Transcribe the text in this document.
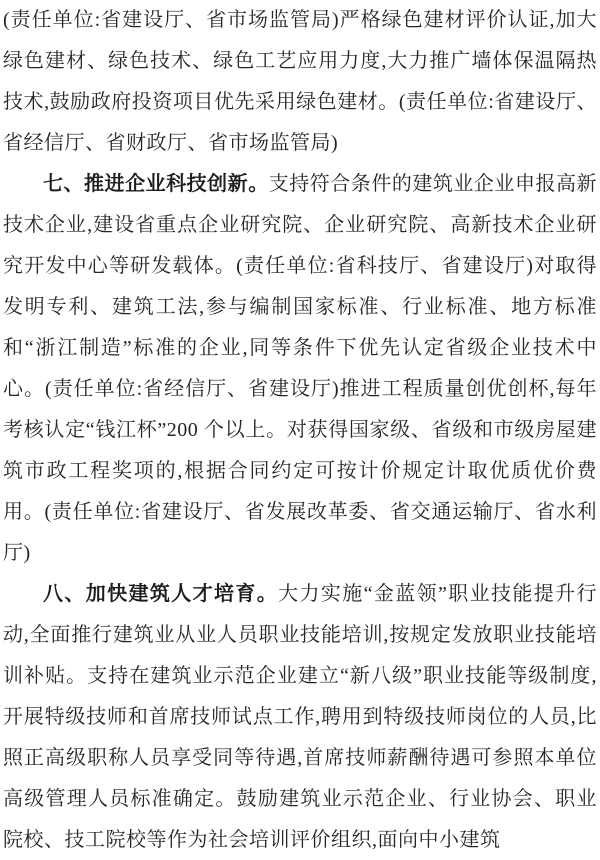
(责任单位:省建设厅、省市场监管局)严格绿色建材评价认证,加大绿色建材、绿色技术、绿色工艺应用力度,大力推广墙体保温隔热技术,鼓励政府投资项目优先采用绿色建材。(责任单位:省建设厅、省经信厅、省财政厅、省市场监管局)

七、推进企业科技创新。支持符合条件的建筑业企业申报高新技术企业,建设省重点企业研究院、企业研究院、高新技术企业研究开发中心等研发载体。(责任单位:省科技厅、省建设厅)对取得发明专利、建筑工法,参与编制国家标准、行业标准、地方标准和“浙江制造”标准的企业,同等条件下优先认定省级企业技术中心。(责任单位:省经信厅、省建设厅)推进工程质量创优创杯,每年考核认定“钱江杯”200 个以上。对获得国家级、省级和市级房屋建筑市政工程奖项的,根据合同约定可按计价规定计取优质优价费用。(责任单位:省建设厅、省发展改革委、省交通运输厅、省水利厅)

八、加快建筑人才培育。大力实施“金蓝领”职业技能提升行动,全面推行建筑业从业人员职业技能培训,按规定发放职业技能培训补贴。支持在建筑业示范企业建立“新八级”职业技能等级制度,开展特级技师和首席技师试点工作,聘用到特级技师岗位的人员,比照正高级职称人员享受同等待遇,首席技师薪酬待遇可参照本单位高级管理人员标准确定。鼓励建筑业示范企业、行业协会、职业院校、技工院校等作为社会培训评价组织,面向中小建筑
